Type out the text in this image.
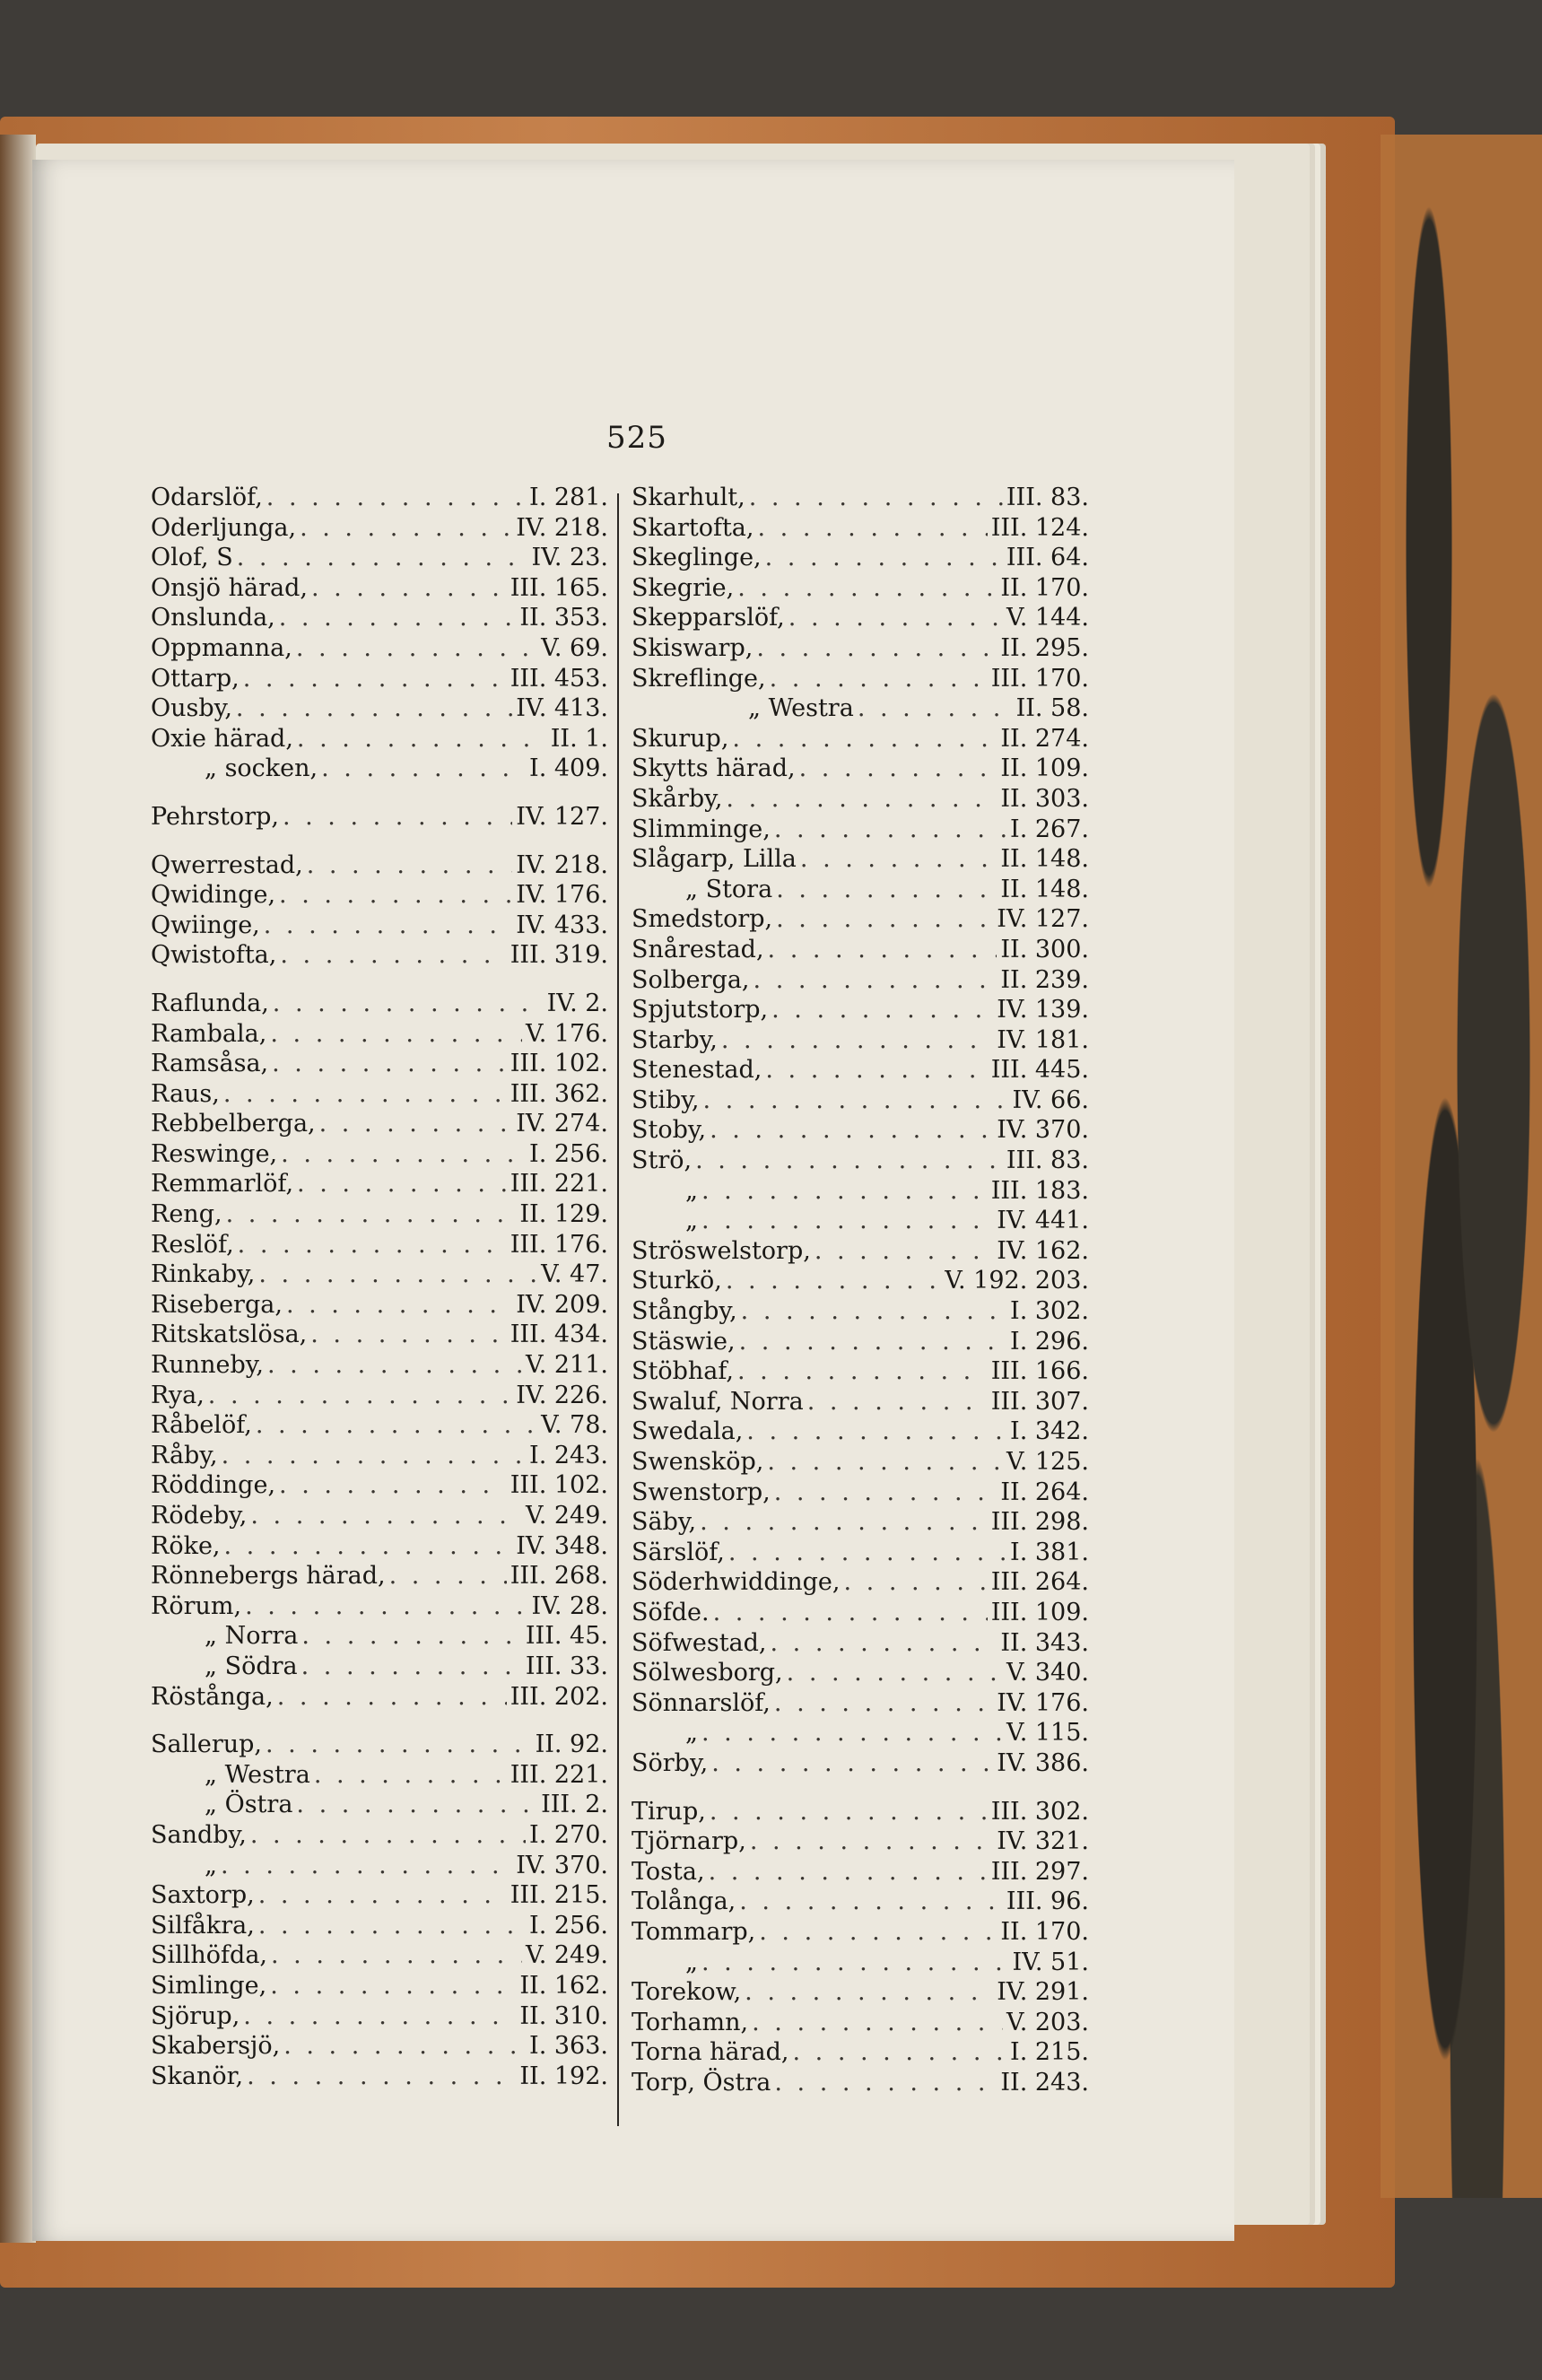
525
Odarslöf, . . .	I. 281.
Oderljunga, . . .	IV. 218.
Olof, S . . .	IV. 23.
Onsjö härad, . . .	III. 165.
Onslunda, . . .	II. 353.
Oppmanna, . . .	V. 69.
Ottarp, . . .	III. 453.
Ousby, . . .	IV. 413.
Oxie härad, . . .	II. 1.
„ socken, . . .	I. 409.
Pehrstorp, . . .	IV. 127.
Qwerrestad, . . .	IV. 218.
Qwidinge, . . .	IV. 176.
Qwiinge, . . .	IV. 433.
Qwistofta, . . .	III. 319.
Raflunda, . . .	IV. 2.
Rambala, . . .	V. 176.
Ramsåsa, . . .	III. 102.
Raus, . . .	III. 362.
Rebbelberga, . . .	IV. 274.
Reswinge, . . .	I. 256.
Remmarlöf, . . .	III. 221.
Reng, . . .	II. 129.
Reslöf, . . .	III. 176.
Rinkaby, . . .	V. 47.
Riseberga, . . .	IV. 209.
Ritskatslösa, . . .	III. 434.
Runneby, . . .	V. 211.
Rya, . . .	IV. 226.
Råbelöf, . . .	V. 78.
Råby, . . .	I. 243.
Röddinge, . . .	III. 102.
Rödeby, . . .	V. 249.
Röke, . . .	IV. 348.
Rönnebergs härad, . . .	III. 268.
Rörum, . . .	IV. 28.
„ Norra . . .	III. 45.
„ Södra . . .	III. 33.
Röstånga, . . .	III. 202.
Sallerup, . . .	II. 92.
„ Westra . . .	III. 221.
„ Östra . . .	III. 2.
Sandby, . . .	I. 270.
„ . . .	IV. 370.
Saxtorp, . . .	III. 215.
Silfåkra, . . .	I. 256.
Sillhöfda, . . .	V. 249.
Simlinge, . . .	II. 162.
Sjörup, . . .	II. 310.
Skabersjö, . . .	I. 363.
Skanör, . . .	II. 192.
Skarhult, . . .	III. 83.
Skartofta, . . .	III. 124.
Skeglinge, . . .	III. 64.
Skegrie, . . .	II. 170.
Skepparslöf, . . .	V. 144.
Skiswarp, . . .	II. 295.
Skreflinge, . . .	III. 170.
„ Westra . . .	II. 58.
Skurup, . . .	II. 274.
Skytts härad, . . .	II. 109.
Skårby, . . .	II. 303.
Slimminge, . . .	I. 267.
Slågarp, Lilla . . .	II. 148.
„ Stora . . .	II. 148.
Smedstorp, . . .	IV. 127.
Snårestad, . . .	II. 300.
Solberga, . . .	II. 239.
Spjutstorp, . . .	IV. 139.
Starby, . . .	IV. 181.
Stenestad, . . .	III. 445.
Stiby, . . .	IV. 66.
Stoby, . . .	IV. 370.
Strö, . . .	III. 83.
„ . . .	III. 183.
„ . . .	IV. 441.
Ströswelstorp, . . .	IV. 162.
Sturkö, . . .	V. 192. 203.
Stångby, . . .	I. 302.
Stäswie, . . .	I. 296.
Stöbhaf, . . .	III. 166.
Swaluf, Norra . . .	III. 307.
Swedala, . . .	I. 342.
Swensköp, . . .	V. 125.
Swenstorp, . . .	II. 264.
Säby, . . .	III. 298.
Särslöf, . . .	I. 381.
Söderhwiddinge, . . .	III. 264.
Söfde. . . .	III. 109.
Söfwestad, . . .	II. 343.
Sölwesborg, . . .	V. 340.
Sönnarslöf, . . .	IV. 176.
„ . . .	V. 115.
Sörby, . . .	IV. 386.
Tirup, . . .	III. 302.
Tjörnarp, . . .	IV. 321.
Tosta, . . .	III. 297.
Tolånga, . . .	III. 96.
Tommarp, . . .	II. 170.
„ . . .	IV. 51.
Torekow, . . .	IV. 291.
Torhamn, . . .	V. 203.
Torna härad, . . .	I. 215.
Torp, Östra . . .	II. 243.
